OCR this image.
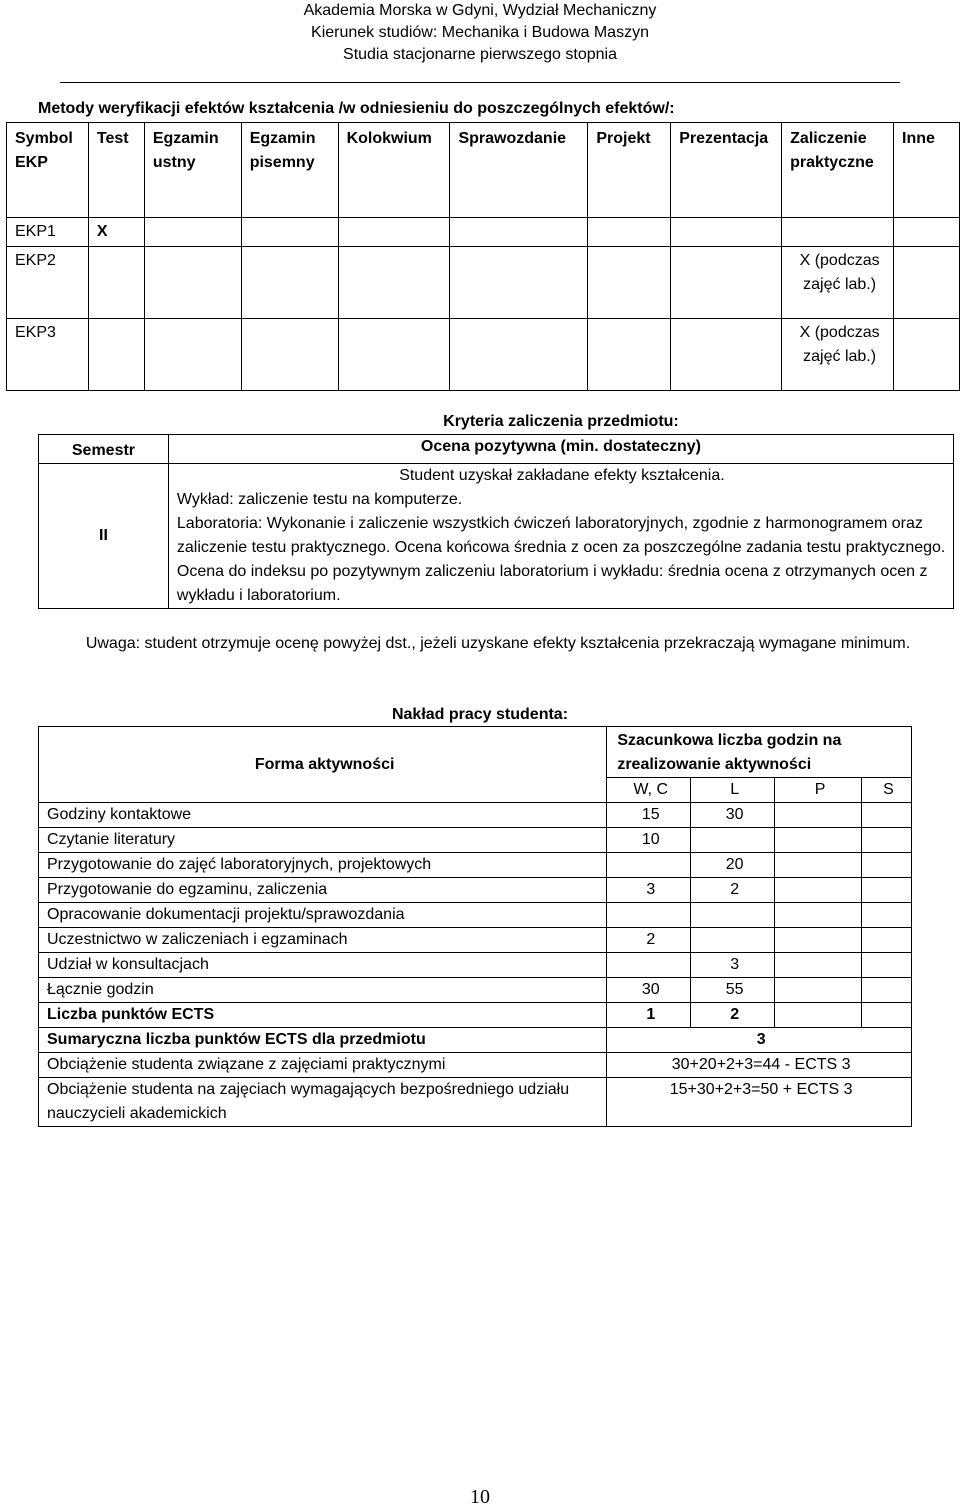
Akademia Morska w Gdyni, Wydział Mechaniczny
Kierunek studiów: Mechanika i Budowa Maszyn
Studia stacjonarne pierwszego stopnia
Metody weryfikacji efektów kształcenia /w odniesieniu do poszczególnych efektów/:
Symbol EKP	Test	Egzamin ustny	Egzamin pisemny	Kolokwium	Sprawozdanie	Projekt	Prezentacja	Zaliczenie praktyczne	Inne
EKP1	X								
EKP2								X (podczas zajęć lab.)	
EKP3								X (podczas zajęć lab.)	
	Kryteria zaliczenia przedmiotu:
Semestr	Ocena pozytywna (min. dostateczny)
II	Student uzyskał zakładane efekty kształcenia.
Wykład: zaliczenie testu na komputerze.
Laboratoria: Wykonanie i zaliczenie wszystkich ćwiczeń laboratoryjnych, zgodnie z harmonogramem oraz zaliczenie testu praktycznego. Ocena końcowa średnia z ocen za poszczególne zadania testu praktycznego.
Ocena do indeksu po pozytywnym zaliczeniu laboratorium i wykładu: średnia ocena z otrzymanych ocen z wykładu i laboratorium.
Uwaga: student otrzymuje ocenę powyżej dst., jeżeli uzyskane efekty kształcenia przekraczają wymagane minimum.
Nakład pracy studenta:
Forma aktywności	Szacunkowa liczba godzin na zrealizowanie aktywności			
	W, C	L	P	S
Godziny kontaktowe	15	30		
Czytanie literatury	10			
Przygotowanie do zajęć laboratoryjnych, projektowych		20		
Przygotowanie do egzaminu, zaliczenia	3	2		
Opracowanie dokumentacji projektu/sprawozdania				
Uczestnictwo w zaliczeniach i egzaminach	2			
Udział w konsultacjach		3		
Łącznie godzin	30	55		
Liczba punktów ECTS	1	2		
Sumaryczna liczba punktów ECTS dla przedmiotu	3			
Obciążenie studenta związane z zajęciami praktycznymi	30+20+2+3=44 - ECTS 3			
Obciążenie studenta na zajęciach wymagających bezpośredniego udziału nauczycieli akademickich	15+30+2+3=50 + ECTS 3			
10
